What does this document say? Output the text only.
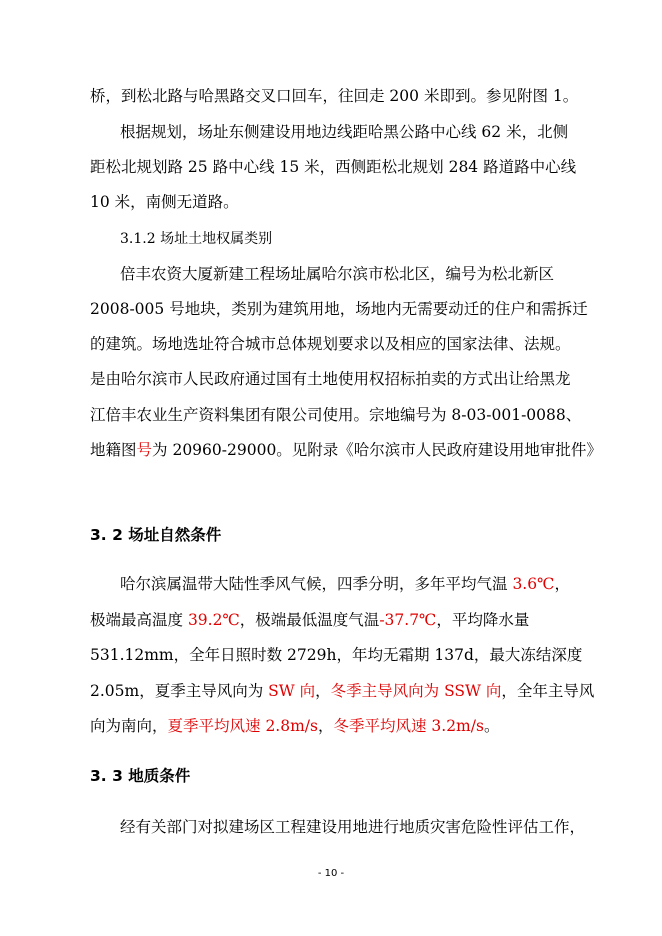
桥，到松北路与哈黑路交叉口回车，往回走 200 米即到。参见附图 1。
根据规划，场址东侧建设用地边线距哈黑公路中心线 62 米，北侧
距松北规划路 25 路中心线 15 米，西侧距松北规划 284 路道路中心线
10 米，南侧无道路。
3.1.2 场址土地权属类别
倍丰农资大厦新建工程场址属哈尔滨市松北区，编号为松北新区
2008-005 号地块，类别为建筑用地，场地内无需要动迁的住户和需拆迁
的建筑。场地选址符合城市总体规划要求以及相应的国家法律、法规。
是由哈尔滨市人民政府通过国有土地使用权招标拍卖的方式出让给黑龙
江倍丰农业生产资料集团有限公司使用。宗地编号为 8-03-001-0088、
地籍图号为 20960-29000。见附录《哈尔滨市人民政府建设用地审批件》
3. 2 场址自然条件
哈尔滨属温带大陆性季风气候，四季分明，多年平均气温 3.6℃，
极端最高温度 39.2℃，极端最低温度气温-37.7℃，平均降水量
531.12mm，全年日照时数 2729h，年均无霜期 137d，最大冻结深度
2.05m，夏季主导风向为 SW 向，冬季主导风向为 SSW 向，全年主导风
向为南向，夏季平均风速 2.8m/s，冬季平均风速 3.2m/s。
3. 3 地质条件
经有关部门对拟建场区工程建设用地进行地质灾害危险性评估工作，
- 10 -
